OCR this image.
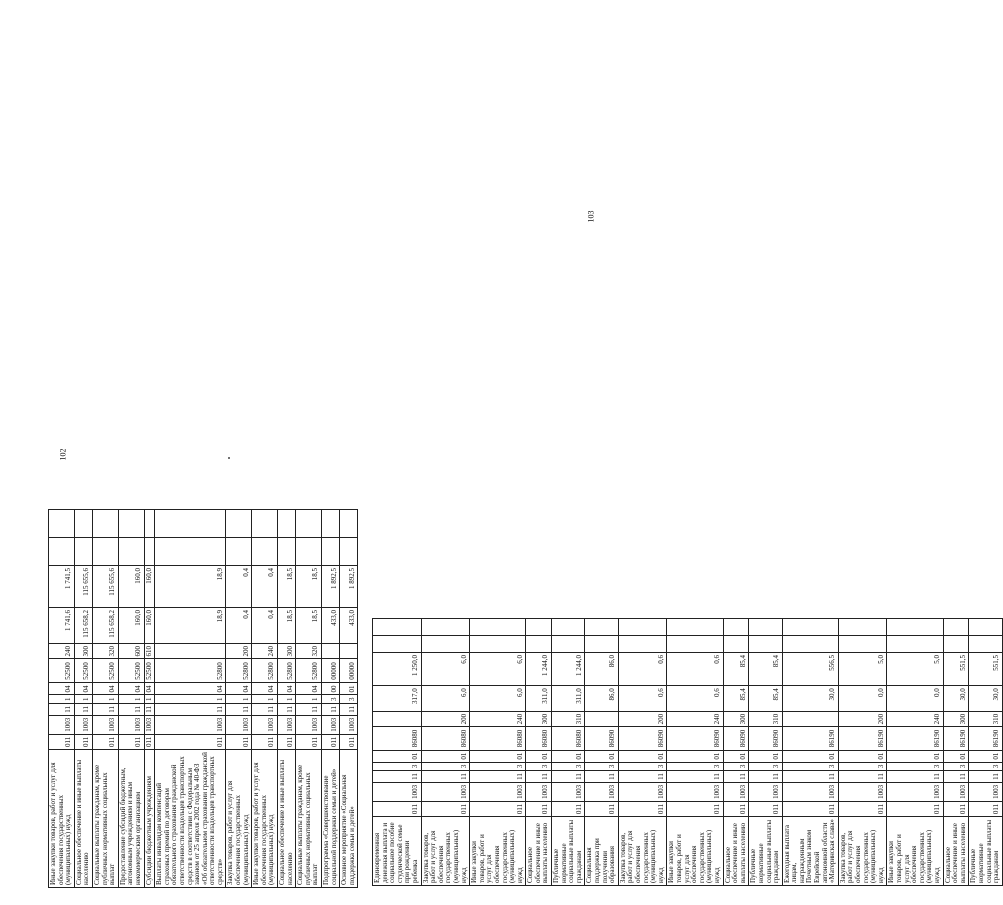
102
Иные закупки товаров, работ и услуг для обеспечения государственных (муниципальных) нужд	011	1003	11	1	04	52500	240	1 741,6	1 741,5		
Социальное обеспечение и иные выплаты населению	011	1003	11	1	04	52500	300	115 658,2	115 655,6		
Социальные выплаты гражданам, кроме публичных нормативных социальных выплат	011	1003	11	1	04	52500	320	115 658,2	115 655,6		
Предоставление субсидий бюджетным, автономным учреждениям и иным некоммерческим организациям	011	1003	11	1	04	52500	600	160,0	160,0		
Субсидии бюджетным учреждениям	011	1003	11	1	04	52500	610	160,0	160,0		
Выплаты инвалидам компенсаций страховых премий по договорам обязательного страхования гражданской ответственности владельцев транспортных средств в соответствии с Федеральным законом от 25 апреля 2002 года № 40-ФЗ «Об обязательном страховании гражданской ответственности владельцев транспортных средств»	011	1003	11	1	04	52800		18,9	18,9		
Закупка товаров, работ и услуг для обеспечения государственных (муниципальных) нужд	011	1003	11	1	04	52800	200	0,4	0,4		
Иные закупки товаров, работ и услуг для обеспечения государственных (муниципальных) нужд	011	1003	11	1	04	52800	240	0,4	0,4		
Социальное обеспечение и иные выплаты населению	011	1003	11	1	04	52800	300	18,5	18,5		
Социальные выплаты гражданам, кроме публичных нормативных социальных выплат	011	1003	11	1	04	52800	320	18,5	18,5		
Подпрограмма «Совершенствование социальной поддержки семьи и детей»	011	1003	11	3	00	00000		433,0	1 892,5		
Основное мероприятие «Социальная поддержка семьи и детей»	011	1003	11	3	01	00000		433,0	1 892,5		
103
Единовременная денежная выплата и социальное пособие студенческой семье при рождении ребенка	011	1003	11	3	01	86080		317,0	1 250,0		
Закупка товаров, работ и услуг для обеспечения государственных (муниципальных) нужд	011	1003	11	3	01	86080	200	6,0	6,0		
Иные закупки товаров, работ и услуг для обеспечения государственных (муниципальных) нужд	011	1003	11	3	01	86080	240	6,0	6,0		
Социальное обеспечение и иные выплаты населению	011	1003	11	3	01	86080	300	311,0	1 244,0		
Публичные нормативные социальные выплаты гражданам	011	1003	11	3	01	86080	310	311,0	1 244,0		
Социальная поддержка при получении образования	011	1003	11	3	01	86090		86,0	86,0		
Закупка товаров, работ и услуг для обеспечения государственных (муниципальных) нужд	011	1003	11	3	01	86090	200	0,6	0,6		
Иные закупки товаров, работ и услуг для обеспечения государственных (муниципальных) нужд	011	1003	11	3	01	86090	240	0,6	0,6		
Социальное обеспечение и иные выплаты населению	011	1003	11	3	01	86090	300	85,4	85,4		
Публичные нормативные социальные выплаты гражданам	011	1003	11	3	01	86090	310	85,4	85,4		
Ежегодная выплата лицам, награжденным Почетным знаком Еврейской автономной области «Материнская слава»	011	1003	11	3	01	86190		30,0	556,5		
Закупка товаров, работ и услуг для обеспечения государственных (муниципальных) нужд	011	1003	11	3	01	86190	200	0,0	5,0		
Иные закупки товаров, работ и услуг для обеспечения государственных (муниципальных) нужд	011	1003	11	3	01	86190	240	0,0	5,0		
Социальное обеспечение и иные выплаты населению	011	1003	11	3	01	86190	300	30,0	551,5		
Публичные нормативные социальные выплаты гражданам	011	1003	11	3	01	86190	310	30,0	551,5		
